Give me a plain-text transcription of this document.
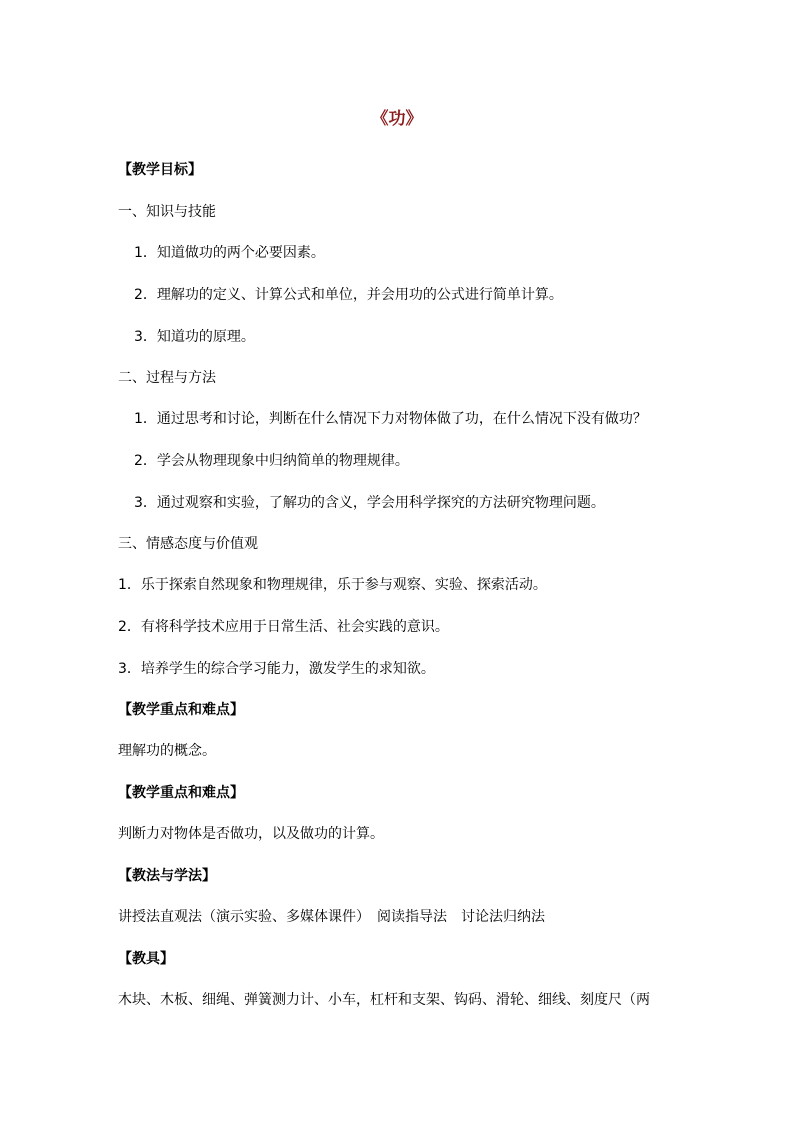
《功》
【教学目标】
一、知识与技能
1．知道做功的两个必要因素。
2．理解功的定义、计算公式和单位，并会用功的公式进行简单计算。
3．知道功的原理。
二、过程与方法
1．通过思考和讨论，判断在什么情况下力对物体做了功，在什么情况下没有做功？
2．学会从物理现象中归纳简单的物理规律。
3．通过观察和实验，了解功的含义，学会用科学探究的方法研究物理问题。
三、情感态度与价值观
1．乐于探索自然现象和物理规律，乐于参与观察、实验、探索活动。
2．有将科学技术应用于日常生活、社会实践的意识。
3．培养学生的综合学习能力，激发学生的求知欲。
【教学重点和难点】
理解功的概念。
【教学重点和难点】
判断力对物体是否做功，以及做功的计算。
【教法与学法】
讲授法直观法（演示实验、多媒体课件）　阅读指导法　讨论法归纳法
【教具】
木块、木板、细绳、弹簧测力计、小车，杠杆和支架、钩码、滑轮、细线、刻度尺（两
